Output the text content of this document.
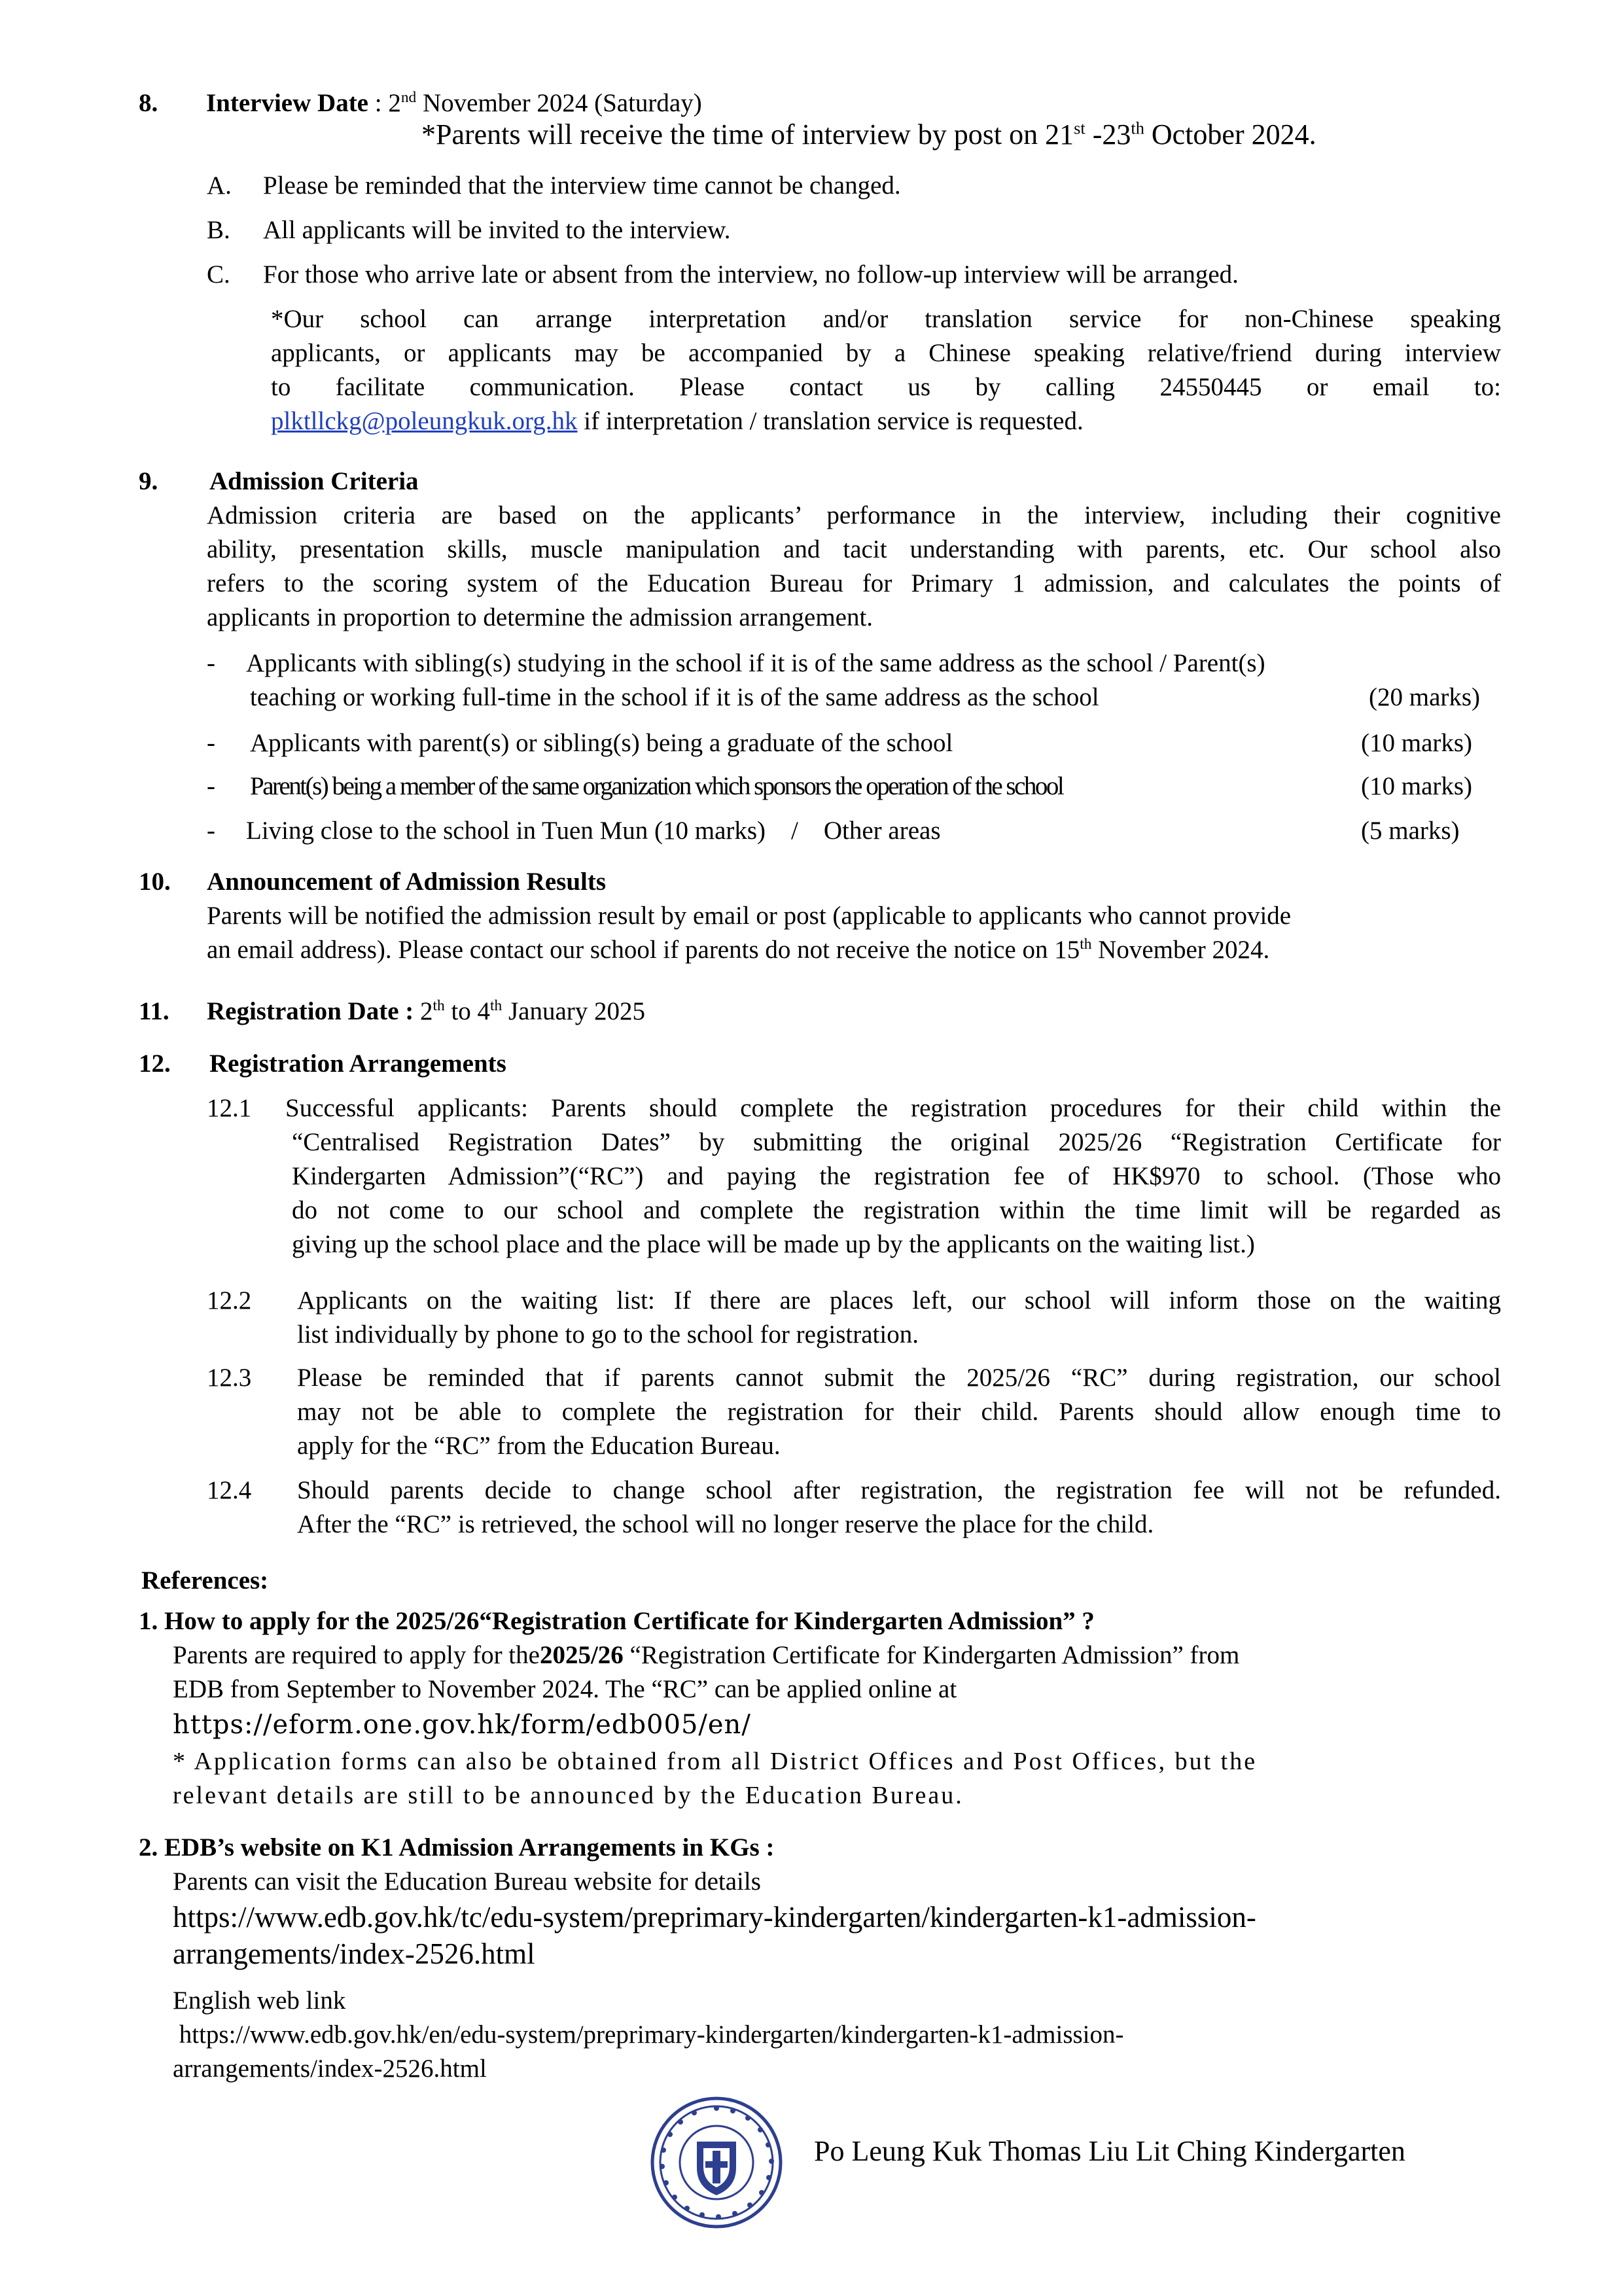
8. Interview Date : 2nd November 2024 (Saturday)
*Parents will receive the time of interview by post on 21st -23th October 2024.
A. Please be reminded that the interview time cannot be changed.
B. All applicants will be invited to the interview.
C. For those who arrive late or absent from the interview, no follow-up interview will be arranged.
*Our school can arrange interpretation and/or translation service for non-Chinese speaking
applicants, or applicants may be accompanied by a Chinese speaking relative/friend during interview
to facilitate communication. Please contact us by calling 24550445 or email to:
plktllckg@poleungkuk.org.hk if interpretation / translation service is requested.
9. Admission Criteria
Admission criteria are based on the applicants’ performance in the interview, including their cognitive
ability, presentation skills, muscle manipulation and tacit understanding with parents, etc. Our school also
refers to the scoring system of the Education Bureau for Primary 1 admission, and calculates the points of
applicants in proportion to determine the admission arrangement.
- Applicants with sibling(s) studying in the school if it is of the same address as the school / Parent(s)
teaching or working full-time in the school if it is of the same address as the school	(20 marks)
- Applicants with parent(s) or sibling(s) being a graduate of the school	(10 marks)
- Parent(s) being a member of the same organization which sponsors the operation of the school	(10 marks)
- Living close to the school in Tuen Mun (10 marks)    /    Other areas	(5 marks)
10. Announcement of Admission Results
Parents will be notified the admission result by email or post (applicable to applicants who cannot provide
an email address). Please contact our school if parents do not receive the notice on 15th November 2024.
11. Registration Date : 2th to 4th January 2025
12. Registration Arrangements
12.1 Successful applicants: Parents should complete the registration procedures for their child within the
“Centralised Registration Dates” by submitting the original 2025/26 “Registration Certificate for
Kindergarten Admission”(“RC”) and paying the registration fee of HK$970 to school. (Those who
do not come to our school and complete the registration within the time limit will be regarded as
giving up the school place and the place will be made up by the applicants on the waiting list.)
12.2 Applicants on the waiting list: If there are places left, our school will inform those on the waiting
list individually by phone to go to the school for registration.
12.3 Please be reminded that if parents cannot submit the 2025/26 “RC” during registration, our school
may not be able to complete the registration for their child. Parents should allow enough time to
apply for the “RC” from the Education Bureau.
12.4 Should parents decide to change school after registration, the registration fee will not be refunded.
After the “RC” is retrieved, the school will no longer reserve the place for the child.
References:
1. How to apply for the 2025/26“Registration Certificate for Kindergarten Admission” ?
Parents are required to apply for the2025/26 “Registration Certificate for Kindergarten Admission” from
EDB from September to November 2024. The “RC” can be applied online at
https://eform.one.gov.hk/form/edb005/en/
* Application forms can also be obtained from all District Offices and Post Offices, but the
relevant details are still to be announced by the Education Bureau.
2. EDB’s website on K1 Admission Arrangements in KGs :
Parents can visit the Education Bureau website for details
https://www.edb.gov.hk/tc/edu-system/preprimary-kindergarten/kindergarten-k1-admission-
arrangements/index-2526.html
English web link
https://www.edb.gov.hk/en/edu-system/preprimary-kindergarten/kindergarten-k1-admission-
arrangements/index-2526.html
Po Leung Kuk Thomas Liu Lit Ching Kindergarten
